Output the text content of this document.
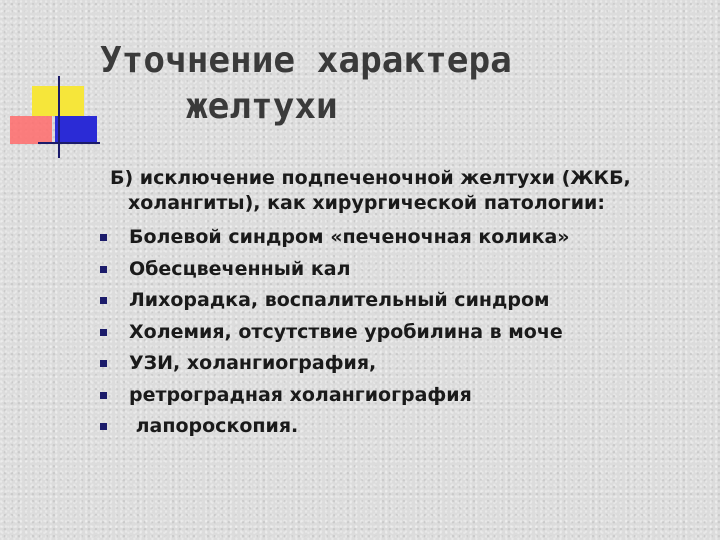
Уточнение характера
желтухи
Б) исключение подпеченочной желтухи (ЖКБ,
холангиты), как хирургической патологии:
Болевой синдром «печеночная колика»
Обесцвеченный кал
Лихорадка, воспалительный синдром
Холемия, отсутствие уробилина в моче
УЗИ, холангиография,
ретроградная холангиография
лапороскопия.
